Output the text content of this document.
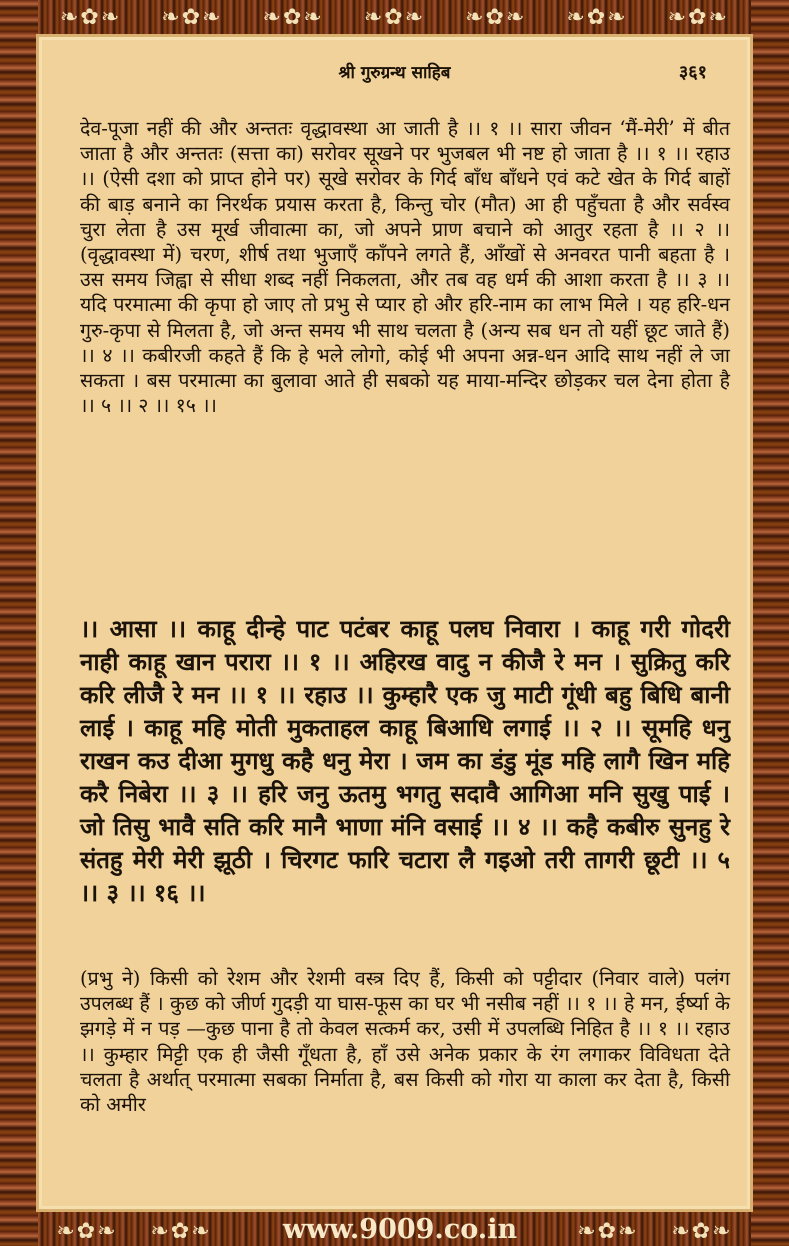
❧✿❧ ❧✿❧ ❧✿❧ ❧✿❧ ❧✿❧ ❧✿❧ ❧✿❧
❧✿❧ ❧✿❧	❧✿❧ ❧✿❧
श्री गुरुग्रन्थ साहिब	३६१

देव-पूजा नहीं की और अन्ततः वृद्धावस्था आ जाती है ।। १ ।। सारा जीवन ‘मैं-मेरी’ में बीत जाता है और अन्ततः (सत्ता का) सरोवर सूखने पर भुजबल भी नष्ट हो जाता है ।। १ ।। रहाउ ।। (ऐसी दशा को प्राप्त होने पर) सूखे सरोवर के गिर्द बाँध बाँधने एवं कटे खेत के गिर्द बाहों की बाड़ बनाने का निरर्थक प्रयास करता है, किन्तु चोर (मौत) आ ही पहुँचता है और सर्वस्व चुरा लेता है उस मूर्ख जीवात्मा का, जो अपने प्राण बचाने को आतुर रहता है ।। २ ।। (वृद्धावस्था में) चरण, शीर्ष तथा भुजाएँ काँपने लगते हैं, आँखों से अनवरत पानी बहता है । उस समय जिह्वा से सीधा शब्द नहीं निकलता, और तब वह धर्म की आशा करता है ।। ३ ।। यदि परमात्मा की कृपा हो जाए तो प्रभु से प्यार हो और हरि-नाम का लाभ मिले । यह हरि-धन गुरु-कृपा से मिलता है, जो अन्त समय भी साथ चलता है (अन्य सब धन तो यहीं छूट जाते हैं) ।। ४ ।। कबीरजी कहते हैं कि हे भले लोगो, कोई भी अपना अन्न-धन आदि साथ नहीं ले जा सकता । बस परमात्मा का बुलावा आते ही सबको यह माया-मन्दिर छोड़कर चल देना होता है ।। ५ ।। २ ।। १५ ।।

।। आसा ।। काहू दीन्हे पाट पटंबर काहू पलघ निवारा । काहू गरी गोदरी नाही काहू खान परारा ।। १ ।। अहिरख वादु न कीजै रे मन । सुक्रितु करि करि लीजै रे मन ।। १ ।। रहाउ ।। कुम्हारै एक जु माटी गूंधी बहु बिधि बानी लाई । काहू महि मोती मुकताहल काहू बिआधि लगाई ।। २ ।। सूमहि धनु राखन कउ दीआ मुगधु कहै धनु मेरा । जम का डंडु मूंड महि लागै खिन महि करै निबेरा ।। ३ ।। हरि जनु ऊतमु भगतु सदावै आगिआ मनि सुखु पाई । जो तिसु भावै सति करि मानै भाणा मंनि वसाई ।। ४ ।। कहै कबीरु सुनहु रे संतहु मेरी मेरी झूठी । चिरगट फारि चटारा लै गइओ तरी तागरी छूटी ।। ५ ।। ३ ।। १६ ।।

(प्रभु ने) किसी को रेशम और रेशमी वस्त्र दिए हैं, किसी को पट्टीदार (निवार वाले) पलंग उपलब्ध हैं । कुछ को जीर्ण गुदड़ी या घास-फूस का घर भी नसीब नहीं ।। १ ।। हे मन, ईर्ष्या के झगड़े में न पड़ —कुछ पाना है तो केवल सत्कर्म कर, उसी में उपलब्धि निहित है ।। १ ।। रहाउ ।। कुम्हार मिट्टी एक ही जैसी गूँधता है, हाँ उसे अनेक प्रकार के रंग लगाकर विविधता देते चलता है अर्थात् परमात्मा सबका निर्माता है, बस किसी को गोरा या काला कर देता है, किसी को अमीर

www.9009.co.in
